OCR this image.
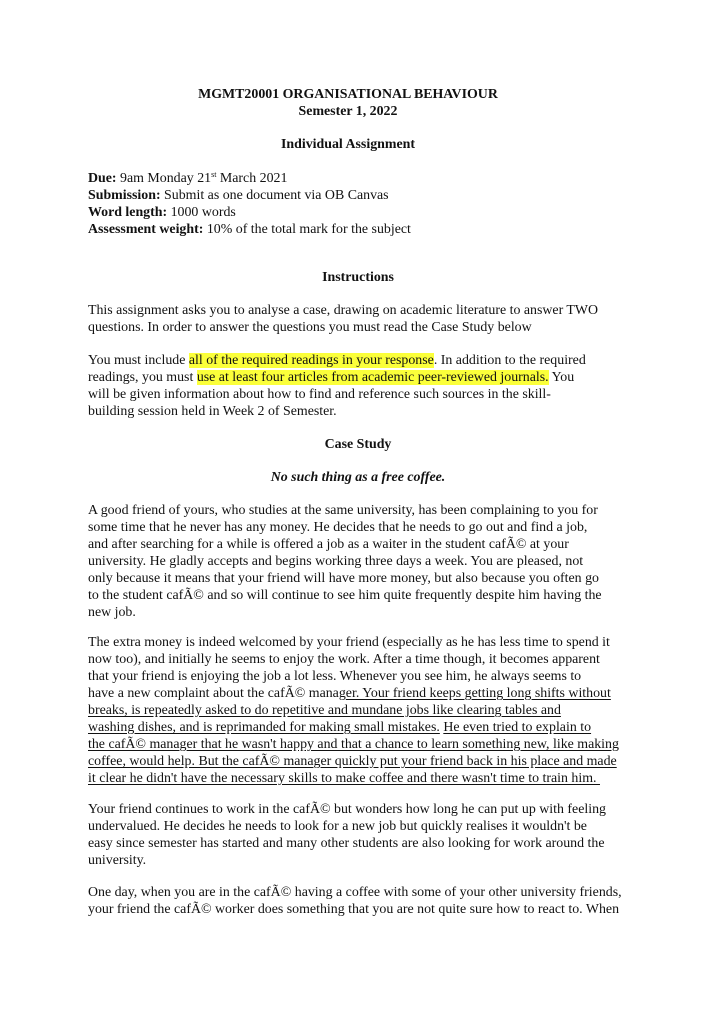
MGMT20001 ORGANISATIONAL BEHAVIOUR

Semester 1, 2022

Individual Assignment

Due: 9am Monday 21st March 2021

Submission: Submit as one document via OB Canvas

Word length: 1000 words

Assessment weight: 10% of the total mark for the subject

Instructions

This assignment asks you to analyse a case, drawing on academic literature to answer TWO

questions. In order to answer the questions you must read the Case Study below

You must include all of the required readings in your response. In addition to the required

readings, you must use at least four articles from academic peer-reviewed journals. You

will be given information about how to find and reference such sources in the skill-

building session held in Week 2 of Semester.

Case Study
No such thing as a free coffee.

A good friend of yours, who studies at the same university, has been complaining to you for

some time that he never has any money. He decides that he needs to go out and find a job,

and after searching for a while is offered a job as a waiter in the student cafÃ© at your

university. He gladly accepts and begins working three days a week. You are pleased, not

only because it means that your friend will have more money, but also because you often go

to the student cafÃ© and so will continue to see him quite frequently despite him having the

new job.

The extra money is indeed welcomed by your friend (especially as he has less time to spend it

now too), and initially he seems to enjoy the work. After a time though, it becomes apparent

that your friend is enjoying the job a lot less. Whenever you see him, he always seems to

have a new complaint about the cafÃ© manager. Your friend keeps getting long shifts without

breaks, is repeatedly asked to do repetitive and mundane jobs like clearing tables and

washing dishes, and is reprimanded for making small mistakes. He even tried to explain to

the cafÃ© manager that he wasn't happy and that a chance to learn something new, like making

coffee, would help. But the cafÃ© manager quickly put your friend back in his place and made

it clear he didn't have the necessary skills to make coffee and there wasn't time to train him.

Your friend continues to work in the cafÃ© but wonders how long he can put up with feeling

undervalued. He decides he needs to look for a new job but quickly realises it wouldn't be

easy since semester has started and many other students are also looking for work around the

university.

One day, when you are in the cafÃ© having a coffee with some of your other university friends,

your friend the cafÃ© worker does something that you are not quite sure how to react to. When
